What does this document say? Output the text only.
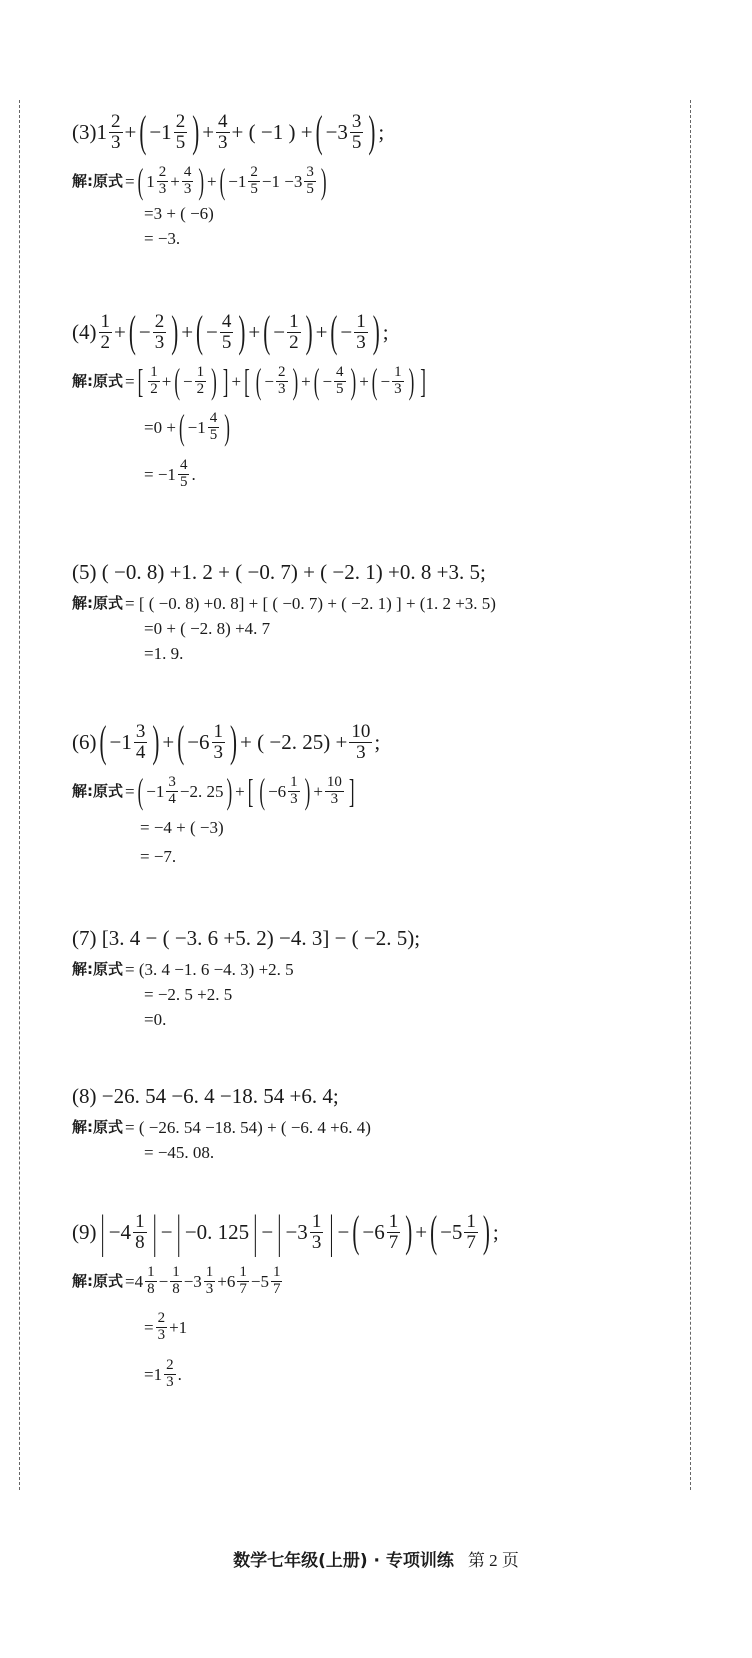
(3) $1 \frac{2}{3}$ + ( $-1 \frac{2}{5}$ ) + $\frac{4}{3}$ + ( −1 ) + ( $-3 \frac{3}{5}$ ) ;
解:原式 = ( $1 \frac{2}{3} + \frac{4}{3}$ ) + ( $-1 \frac{2}{5} -1 -3 \frac{3}{5}$ )
=3 + ( −6)
= −3.
$(4) \frac{1}{2}$ + ( − $\frac{2}{3}$ ) + ( − $\frac{4}{5}$ ) + ( − $\frac{1}{2}$ ) + ( − $\frac{1}{3}$ ) ;
解:原式 = [ $\frac{1}{2}$ + ( − $\frac{1}{2}$ ) ] + [ ( − $\frac{2}{3}$ ) + ( − $\frac{4}{5}$ ) + ( − $\frac{1}{3}$ ) ]
=0 + ( $-1 \frac{4}{5}$ )
= $-1 \frac{4}{5}$ .
(5) ( −0. 8) +1. 2 + ( −0. 7) + ( −2. 1) +0. 8 +3. 5;
解:原式 = [ ( −0. 8) +0. 8] + [ ( −0. 7) + ( −2. 1) ] + (1. 2 +3. 5)
=0 + ( −2. 8) +4. 7
=1. 9.
(6) ( $-1 \frac{3}{4}$ ) + ( $-6 \frac{1}{3}$ ) + ( −2. $25) + \frac{10}{3}$ ;
解:原式 = ( $-1 \frac{3}{4} -2$. 25 ) + [ ( $-6 \frac{1}{3}$ ) + $\frac{10}{3}$ ]
= −4 + ( −3)
= −7.
(7) [3. 4 − ( −3. 6 +5. 2) −4. 3] − ( −2. 5);
解:原式 = (3. 4 −1. 6 −4. 3) +2. 5
= −2. 5 +2. 5
=0.
(8) −26. 54 −6. 4 −18. 54 +6. 4;
解:原式 = ( −26. 54 −18. 54) + ( −6. 4 +6. 4)
= −45. 08.
(9) | $-4 \frac{1}{8}$ | − | −0. 125 | − | $-3 \frac{1}{3}$ | − ( $-6 \frac{1}{7}$ ) + ( $-5 \frac{1}{7}$ ) ;
解:原式 $=4 \frac{1}{8} - \frac{1}{8} -3 \frac{1}{3} +6 \frac{1}{7} -5 \frac{1}{7}$
= $\frac{2}{3} +1$
$=1 \frac{2}{3}$ .
数学七年级(上册) · 专项训练 第 2 页
